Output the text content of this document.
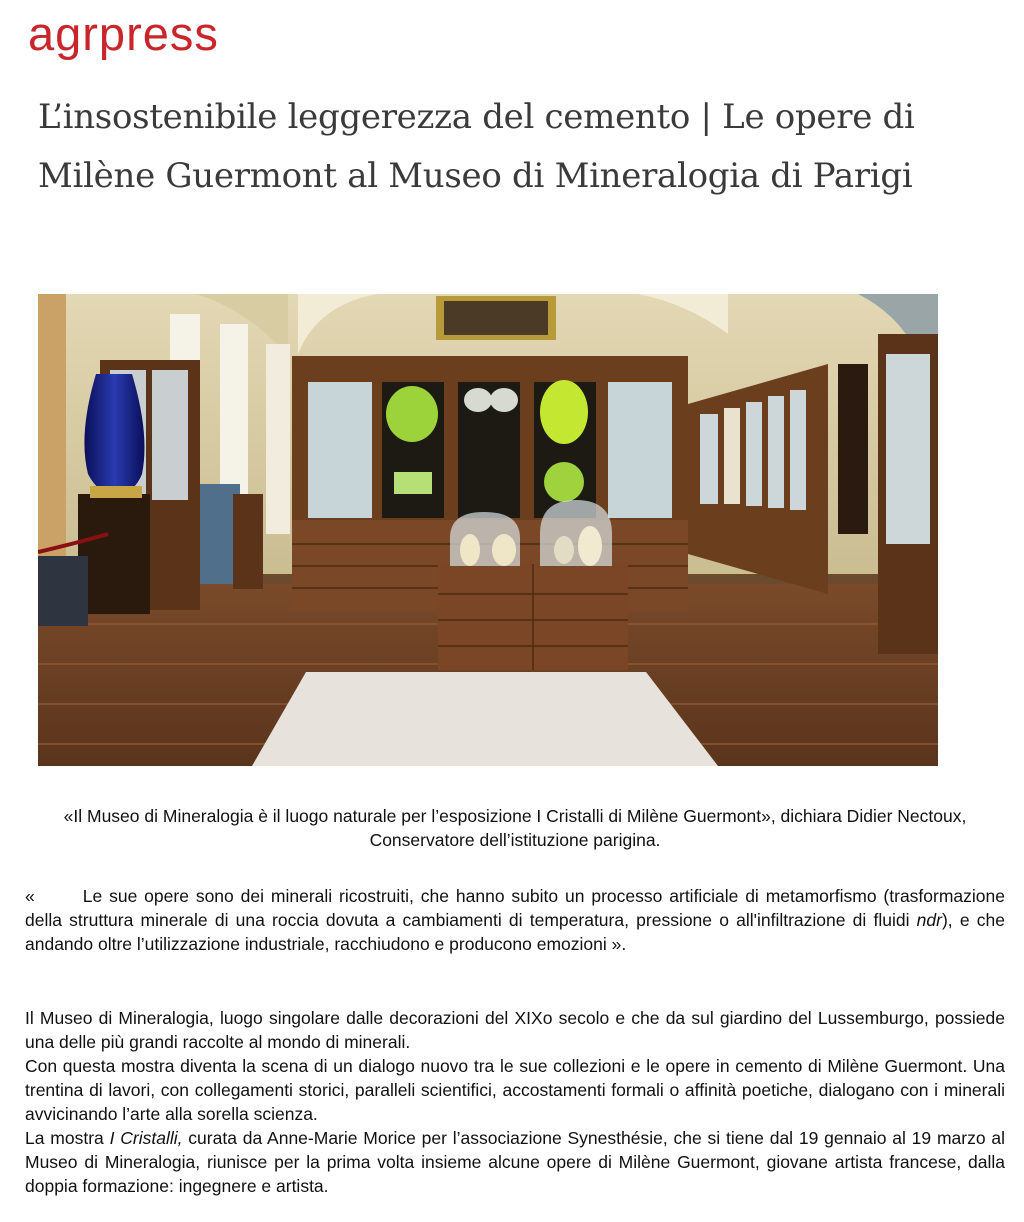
agrpress
L’insostenibile leggerezza del cemento | Le opere di Milène Guermont al Museo di Mineralogia di Parigi

«Il Museo di Mineralogia è il luogo naturale per l’esposizione I Cristalli di Milène Guermont», dichiara Didier Nectoux, Conservatore dell’istituzione parigina.

«	Le sue opere sono dei minerali ricostruiti, che hanno subito un processo artificiale di metamorfismo (trasformazione della struttura minerale di una roccia dovuta a cambiamenti di temperatura, pressione o all'infiltrazione di fluidi ndr), e che andando oltre l’utilizzazione industriale, racchiudono e producono emozioni ».

Il Museo di Mineralogia, luogo singolare dalle decorazioni del XIXo secolo e che da sul giardino del Lussemburgo, possiede una delle più grandi raccolte al mondo di minerali.

Con questa mostra diventa la scena di un dialogo nuovo tra le sue collezioni e le opere in cemento di Milène Guermont. Una trentina di lavori, con collegamenti storici, paralleli scientifici, accostamenti formali o affinità poetiche, dialogano con i minerali avvicinando l’arte alla sorella scienza.

La mostra I Cristalli, curata da Anne-Marie Morice per l’associazione Synesthésie, che si tiene dal 19 gennaio al 19 marzo al Museo di Mineralogia, riunisce per la prima volta insieme alcune opere di Milène Guermont, giovane artista francese, dalla doppia formazione: ingegnere e artista.
